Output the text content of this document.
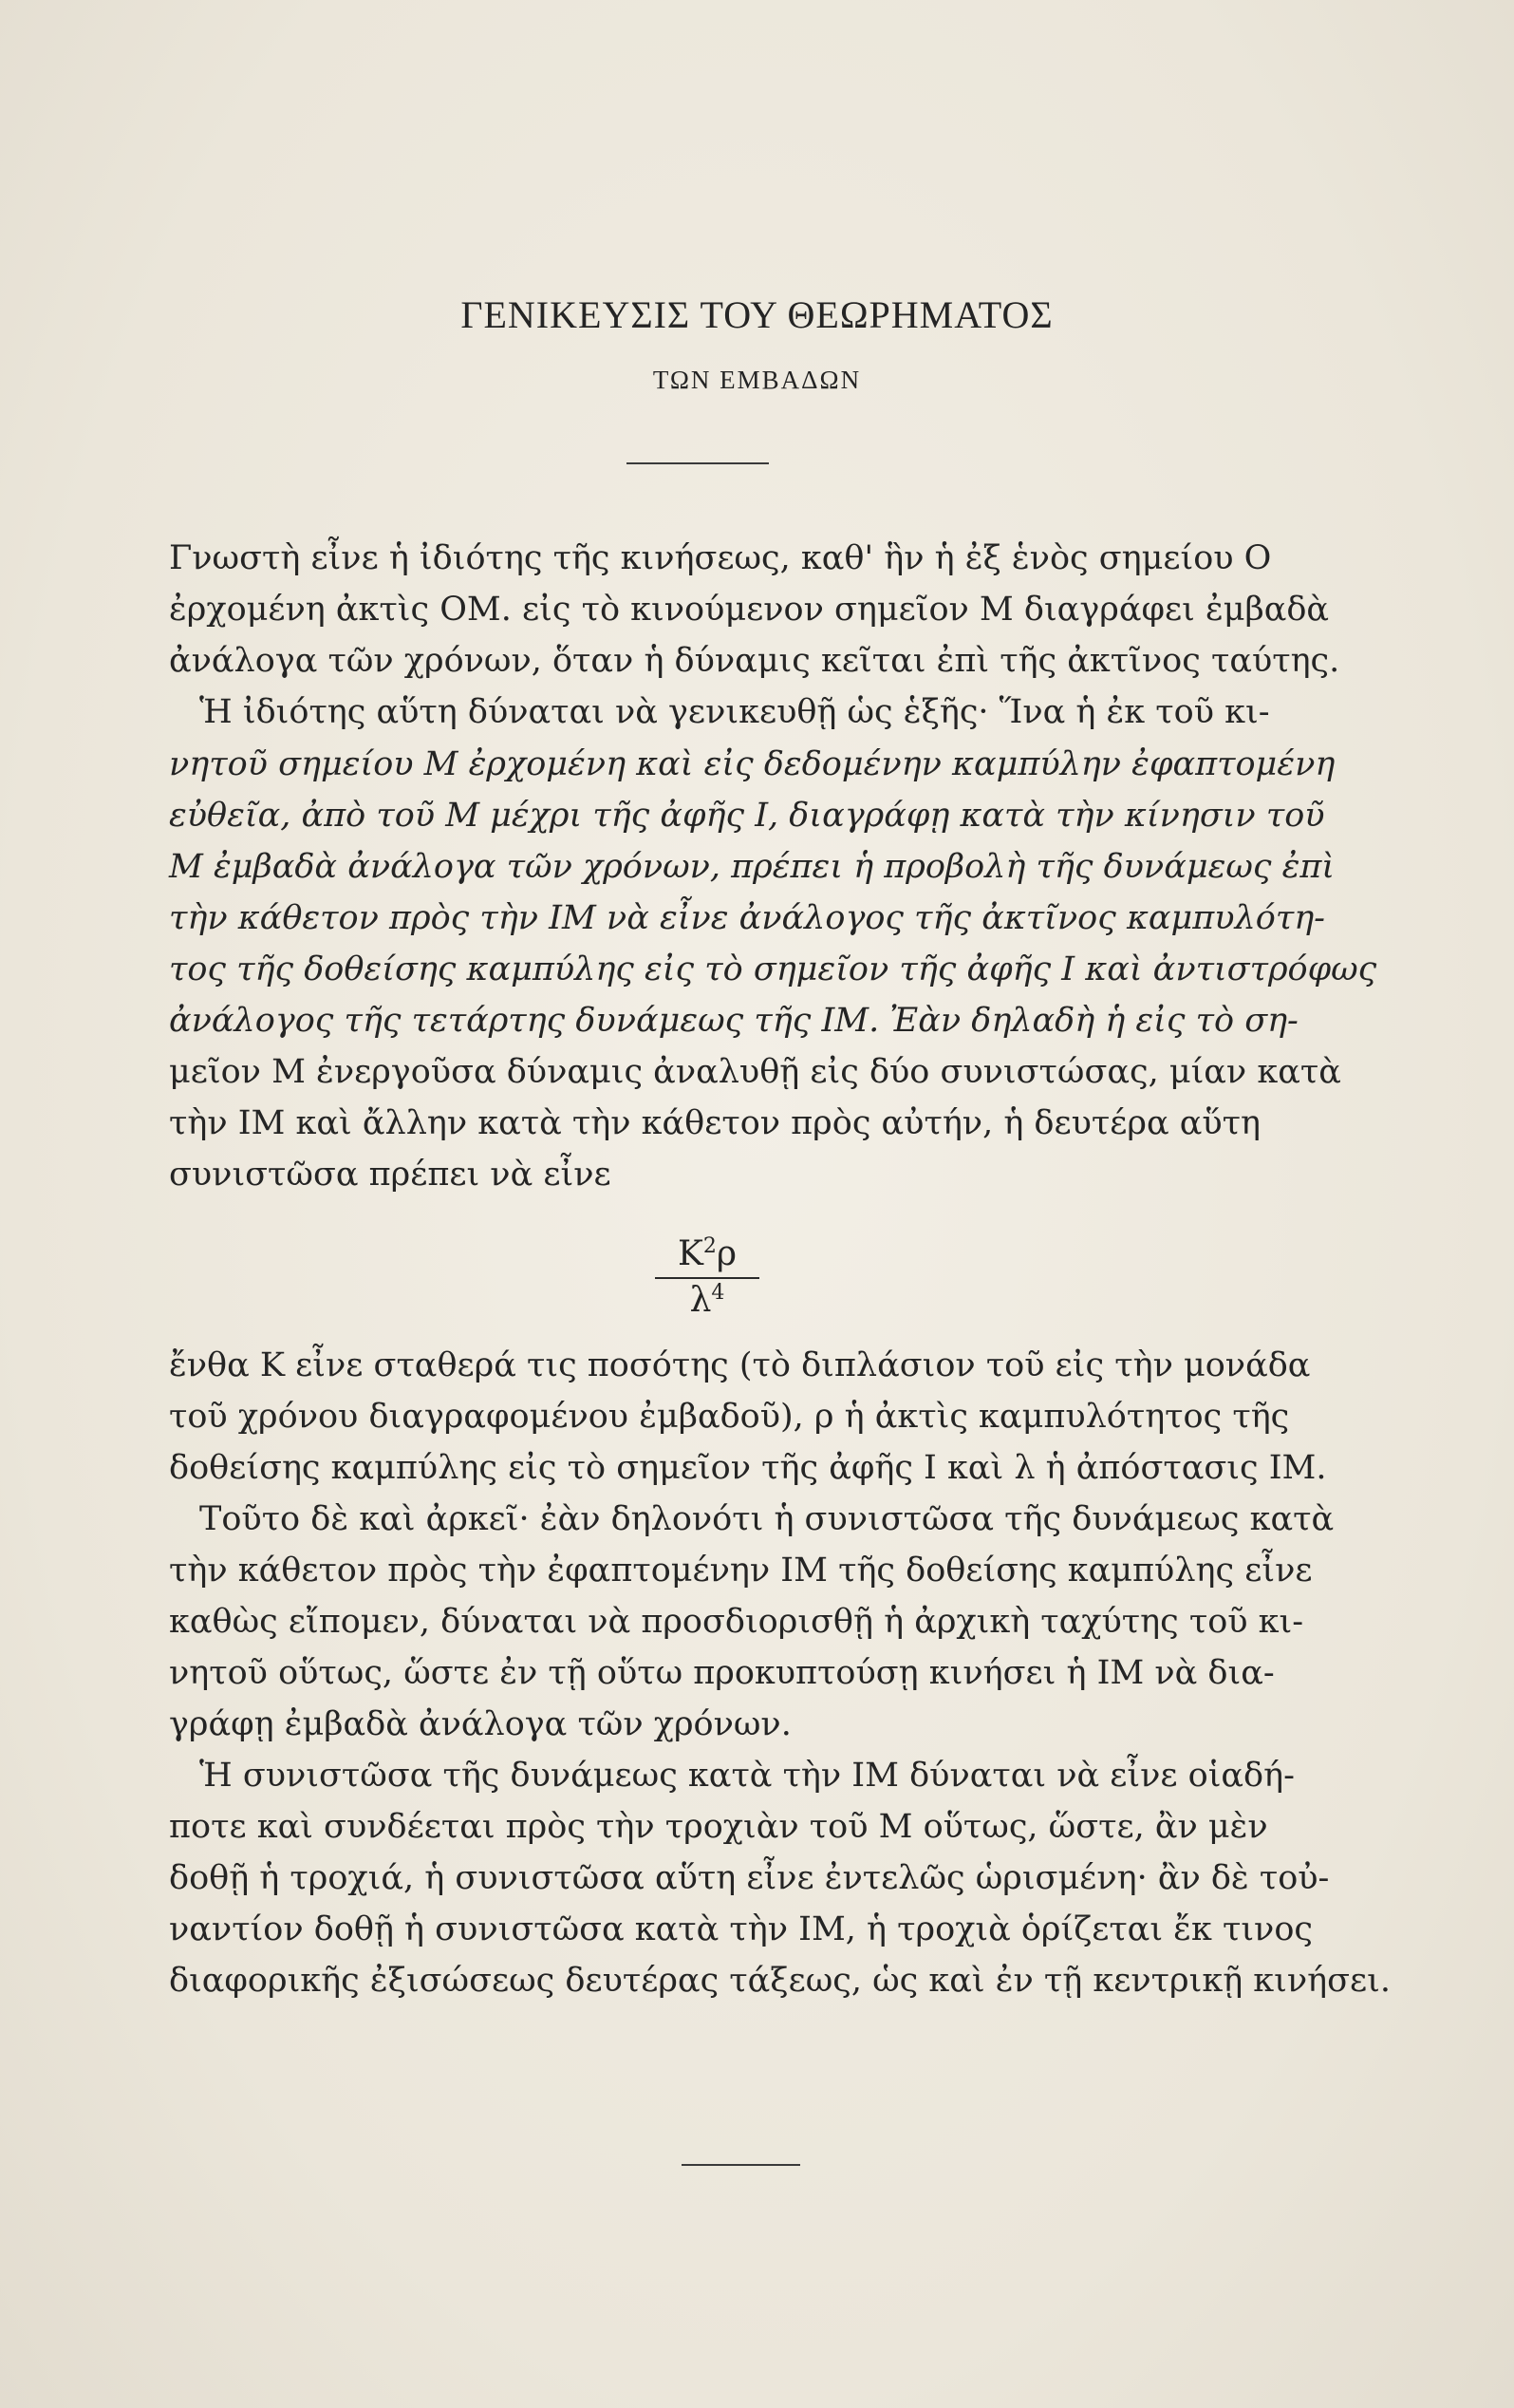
ΓΕΝΙΚΕΥΣΙΣ ΤΟΥ ΘΕΩΡΗΜΑΤΟΣ
ΤΩΝ ΕΜΒΑΔΩΝ

Γνωστὴ εἶνε ἡ ἰδιότης τῆς κινήσεως, καθ' ἣν ἡ ἐξ ἑνὸς σημείου O

ἐρχομένη ἀκτὶς OM. εἰς τὸ κινούμενον σημεῖον M διαγράφει ἐμβαδὰ

ἀνάλογα τῶν χρόνων, ὅταν ἡ δύναμις κεῖται ἐπὶ τῆς ἀκτῖνος ταύτης.

Ἡ ἰδιότης αὕτη δύναται νὰ γενικευθῇ ὡς ἑξῆς· Ἵνα ἡ ἐκ τοῦ κι-

νητοῦ σημείου M ἐρχομένη καὶ εἰς δεδομένην καμπύλην ἐφαπτομένη

εὐθεῖα, ἀπὸ τοῦ M μέχρι τῆς ἀφῆς I, διαγράφῃ κατὰ τὴν κίνησιν τοῦ

M ἐμβαδὰ ἀνάλογα τῶν χρόνων, πρέπει ἡ προβολὴ τῆς δυνάμεως ἐπὶ

τὴν κάθετον πρὸς τὴν IM νὰ εἶνε ἀνάλογος τῆς ἀκτῖνος καμπυλότη-

τος τῆς δοθείσης καμπύλης εἰς τὸ σημεῖον τῆς ἀφῆς I καὶ ἀντιστρόφως

ἀνάλογος τῆς τετάρτης δυνάμεως τῆς IM. Ἐὰν δηλαδὴ ἡ εἰς τὸ ση-

μεῖον M ἐνεργοῦσα δύναμις ἀναλυθῇ εἰς δύο συνιστώσας, μίαν κατὰ

τὴν IM καὶ ἄλλην κατὰ τὴν κάθετον πρὸς αὐτήν, ἡ δευτέρα αὕτη

συνιστῶσα πρέπει νὰ εἶνε

$\frac{K^2\rho}{\lambda^4}$

ἔνθα K εἶνε σταθερά τις ποσότης (τὸ διπλάσιον τοῦ εἰς τὴν μονάδα

τοῦ χρόνου διαγραφομένου ἐμβαδοῦ), ρ ἡ ἀκτὶς καμπυλότητος τῆς

δοθείσης καμπύλης εἰς τὸ σημεῖον τῆς ἀφῆς I καὶ λ ἡ ἀπόστασις IM.

Τοῦτο δὲ καὶ ἀρκεῖ· ἐὰν δηλονότι ἡ συνιστῶσα τῆς δυνάμεως κατὰ

τὴν κάθετον πρὸς τὴν ἐφαπτομένην IM τῆς δοθείσης καμπύλης εἶνε

καθὼς εἴπομεν, δύναται νὰ προσδιορισθῇ ἡ ἀρχικὴ ταχύτης τοῦ κι-

νητοῦ οὕτως, ὥστε ἐν τῇ οὕτω προκυπτούσῃ κινήσει ἡ IM νὰ δια-

γράφῃ ἐμβαδὰ ἀνάλογα τῶν χρόνων.

Ἡ συνιστῶσα τῆς δυνάμεως κατὰ τὴν IM δύναται νὰ εἶνε οἱαδή-

ποτε καὶ συνδέεται πρὸς τὴν τροχιὰν τοῦ M οὕτως, ὥστε, ἂν μὲν

δοθῇ ἡ τροχιά, ἡ συνιστῶσα αὕτη εἶνε ἐντελῶς ὡρισμένη· ἂν δὲ τοὐ-

ναντίον δοθῇ ἡ συνιστῶσα κατὰ τὴν IM, ἡ τροχιὰ ὁρίζεται ἔκ τινος

διαφορικῆς ἐξισώσεως δευτέρας τάξεως, ὡς καὶ ἐν τῇ κεντρικῇ κινήσει.
